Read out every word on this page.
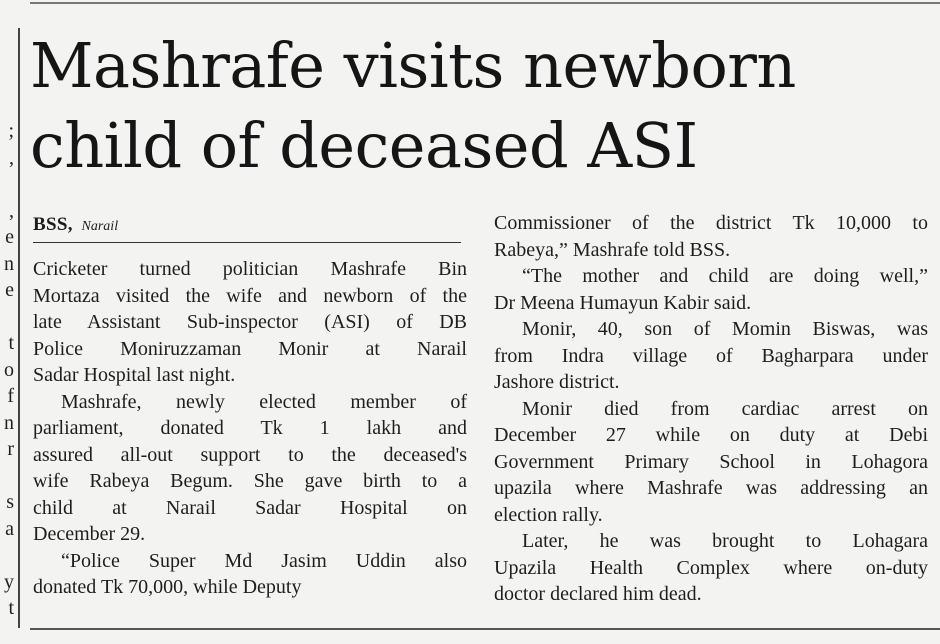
;
,
,
e
n
e
t
o
f
n
r
s
a
y
t
Mashrafe visits newborn
child of deceased ASI
BSS, Narail

Cricketer turned politician Mashrafe Bin
Mortaza visited the wife and newborn of the
late Assistant Sub-inspector (ASI) of DB
Police Moniruzzaman Monir at Narail
Sadar Hospital last night.

Mashrafe, newly elected member of
parliament, donated Tk 1 lakh and
assured all-out support to the deceased's
wife Rabeya Begum. She gave birth to a
child at Narail Sadar Hospital on
December 29.

“Police Super Md Jasim Uddin also
donated Tk 70,000, while Deputy

Commissioner of the district Tk 10,000 to
Rabeya,” Mashrafe told BSS.

“The mother and child are doing well,”
Dr Meena Humayun Kabir said.

Monir, 40, son of Momin Biswas, was
from Indra village of Bagharpara under
Jashore district.

Monir died from cardiac arrest on
December 27 while on duty at Debi
Government Primary School in Lohagora
upazila where Mashrafe was addressing an
election rally.

Later, he was brought to Lohagara
Upazila Health Complex where on-duty
doctor declared him dead.
